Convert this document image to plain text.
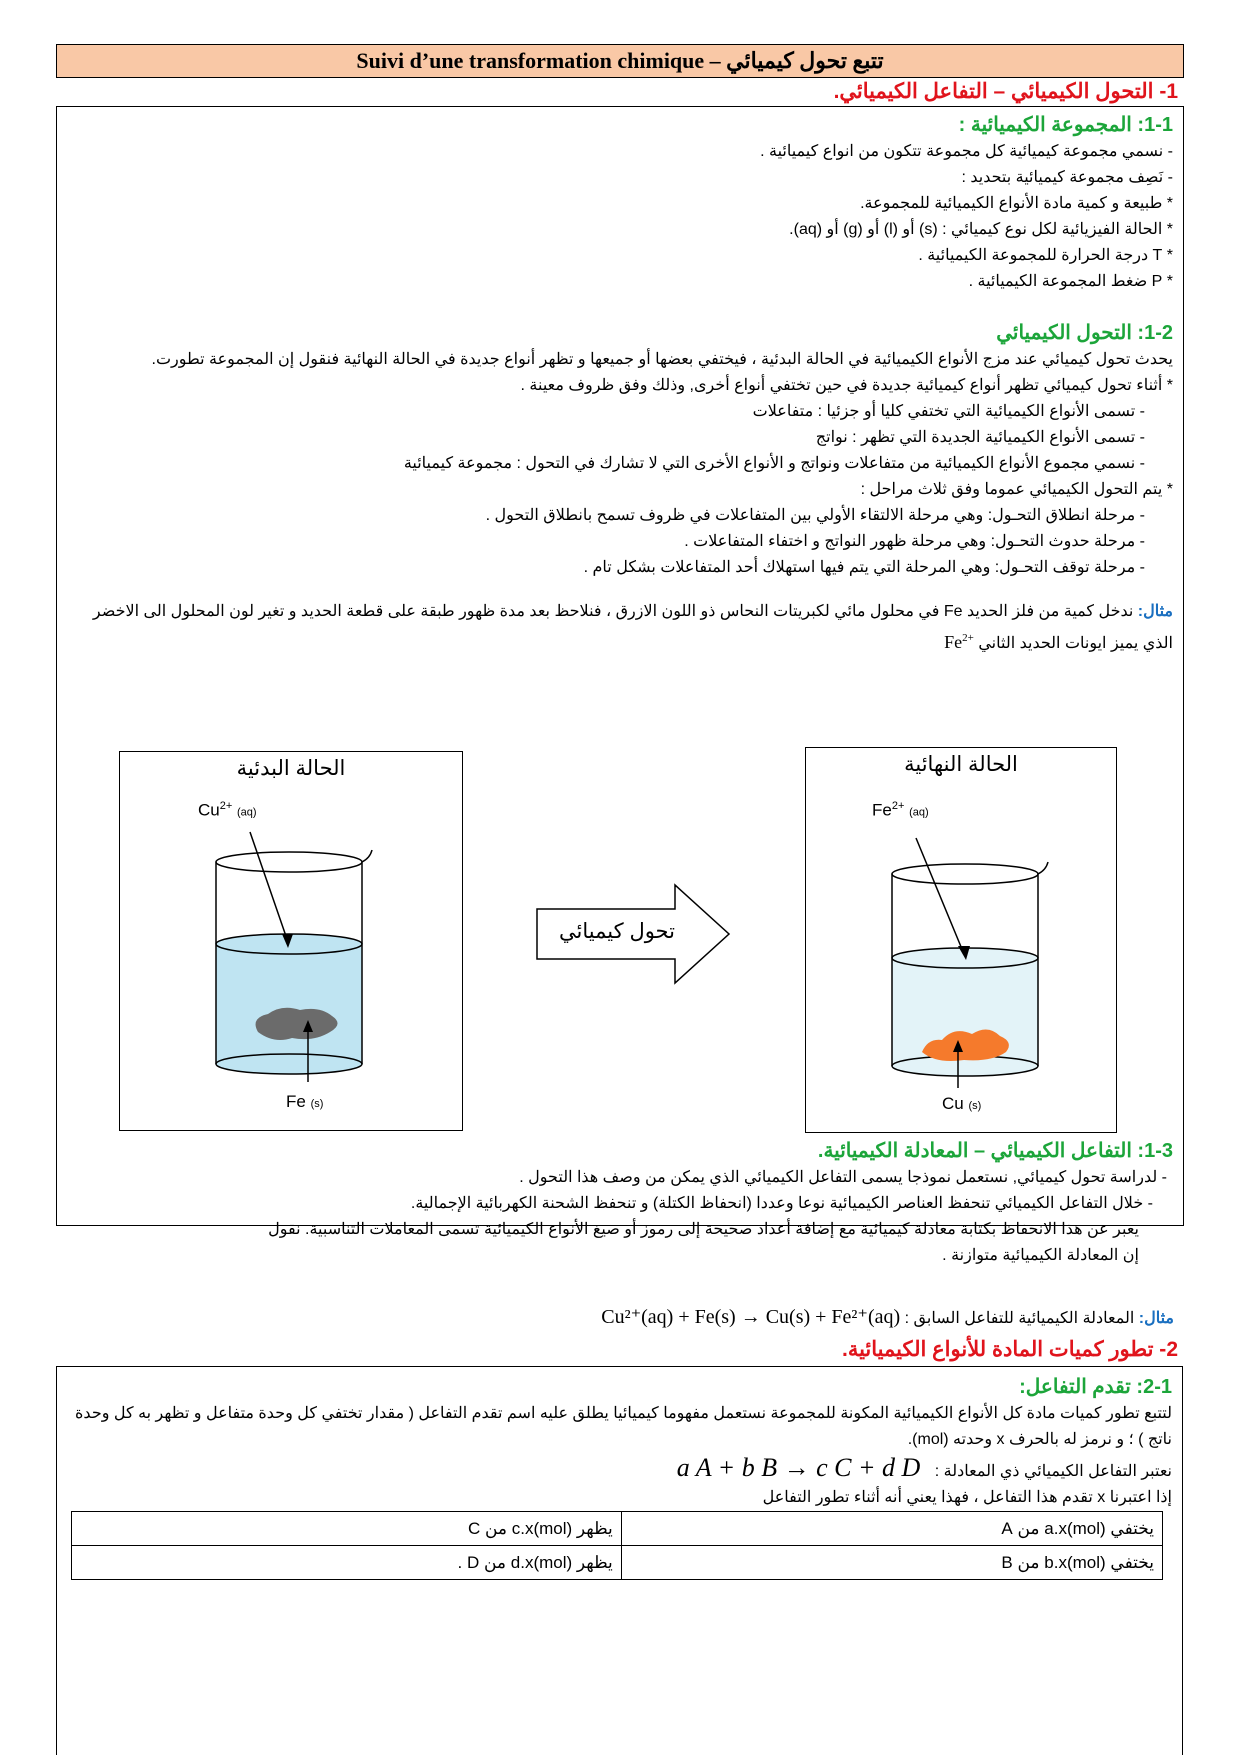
Suivi d’une transformation chimique – تتبع تحول كيميائي
1- التحول الكيميائي – التفاعل الكيميائي.
1-1: المجموعة الكيميائية :

- نسمي مجموعة كيميائية كل مجموعة تتكون من انواع كيميائية .

- نَصِف مجموعة كيميائية بتحديد :

* طبيعة و كمية مادة الأنواع الكيميائية للمجموعة.

* الحالة الفيزيائية لكل نوع كيميائي : (s) أو (l) أو (g) أو (aq).

* T درجة الحرارة للمجموعة الكيميائية .

* P ضغط المجموعة الكيميائية .

1-2: التحول الكيميائي

يحدث تحول كيميائي عند مزج الأنواع الكيميائية في الحالة البدئية ، فيختفي بعضها أو جميعها و تظهر أنواع جديدة في الحالة النهائية فنقول إن المجموعة تطورت.

* أثناء تحول كيميائي تظهر أنواع كيميائية جديدة في حين تختفي أنواع أخرى, وذلك وفق ظروف معينة .

- تسمى الأنواع الكيميائية التي تختفي كليا أو جزئيا : متفاعلات

- تسمى الأنواع الكيميائية الجديدة التي تظهر : نواتج

- نسمي مجموع الأنواع الكيميائية من متفاعلات ونواتج و الأنواع الأخرى التي لا تشارك في التحول : مجموعة كيميائية

* يتم التحول الكيميائي عموما وفق ثلاث مراحل :

- مرحلة انطلاق التحـول: وهي مرحلة الالتقاء الأولي بين المتفاعلات في ظروف تسمح بانطلاق التحول .

- مرحلة حدوث التحـول: وهي مرحلة ظهور النواتج و اختفاء المتفاعلات .

- مرحلة توقف التحـول: وهي المرحلة التي يتم فيها استهلاك أحد المتفاعلات بشكل تام .

مثال: ندخل كمية من فلز الحديد Fe في محلول مائي لكبريتات النحاس ذو اللون الازرق ، فنلاحظ بعد مدة ظهور طبقة على قطعة الحديد و تغير لون المحلول الى الاخضر الذي يميز ايونات الحديد الثاني $Fe^{2+}$

الحالة البدئية
$Cu^{2+}$ (aq)
Fe (s)
تحول كيميائي
الحالة النهائية
$Fe^{2+}$ (aq)
Cu (s)
1-3: التفاعل الكيميائي – المعادلة الكيميائية.

- لدراسة تحول كيميائي, نستعمل نموذجا يسمى التفاعل الكيميائي الذي يمكن من وصف هذا التحول .

- خلال التفاعل الكيميائي تنحفظ العناصر الكيميائية نوعا وعددا (انحفاظ الكتلة) و تنحفظ الشحنة الكهربائية الإجمالية.

يعبر عن هذا الانحفاظ بكتابة معادلة كيميائية مع إضافة أعداد صحيحة إلى رموز أو صيغ الأنواع الكيميائية تسمى المعاملات التناسبية. نقول إن المعادلة الكيميائية متوازنة .

مثال: المعادلة الكيميائية للتفاعل السابق : Cu²⁺(aq) + Fe(s) → Cu(s) + Fe²⁺(aq)

2- تطور كميات المادة للأنواع الكيميائية.
2-1: تقدم التفاعل:

لتتبع تطور كميات مادة كل الأنواع الكيميائية المكونة للمجموعة نستعمل مفهوما كيميائيا يطلق عليه اسم تقدم التفاعل ( مقدار تختفي كل وحدة متفاعل و تظهر به كل وحدة ناتج ) ؛ و نرمز له بالحرف x وحدته (mol).

نعتبر التفاعل الكيميائي ذي المعادلة : a A + b B → c C + d D

إذا اعتبرنا x تقدم هذا التفاعل ، فهذا يعني أنه أثناء تطور التفاعل

يختفي a.x(mol) من A	يظهر c.x(mol) من C
يختفي b.x(mol) من B	يظهر d.x(mol) من D .
